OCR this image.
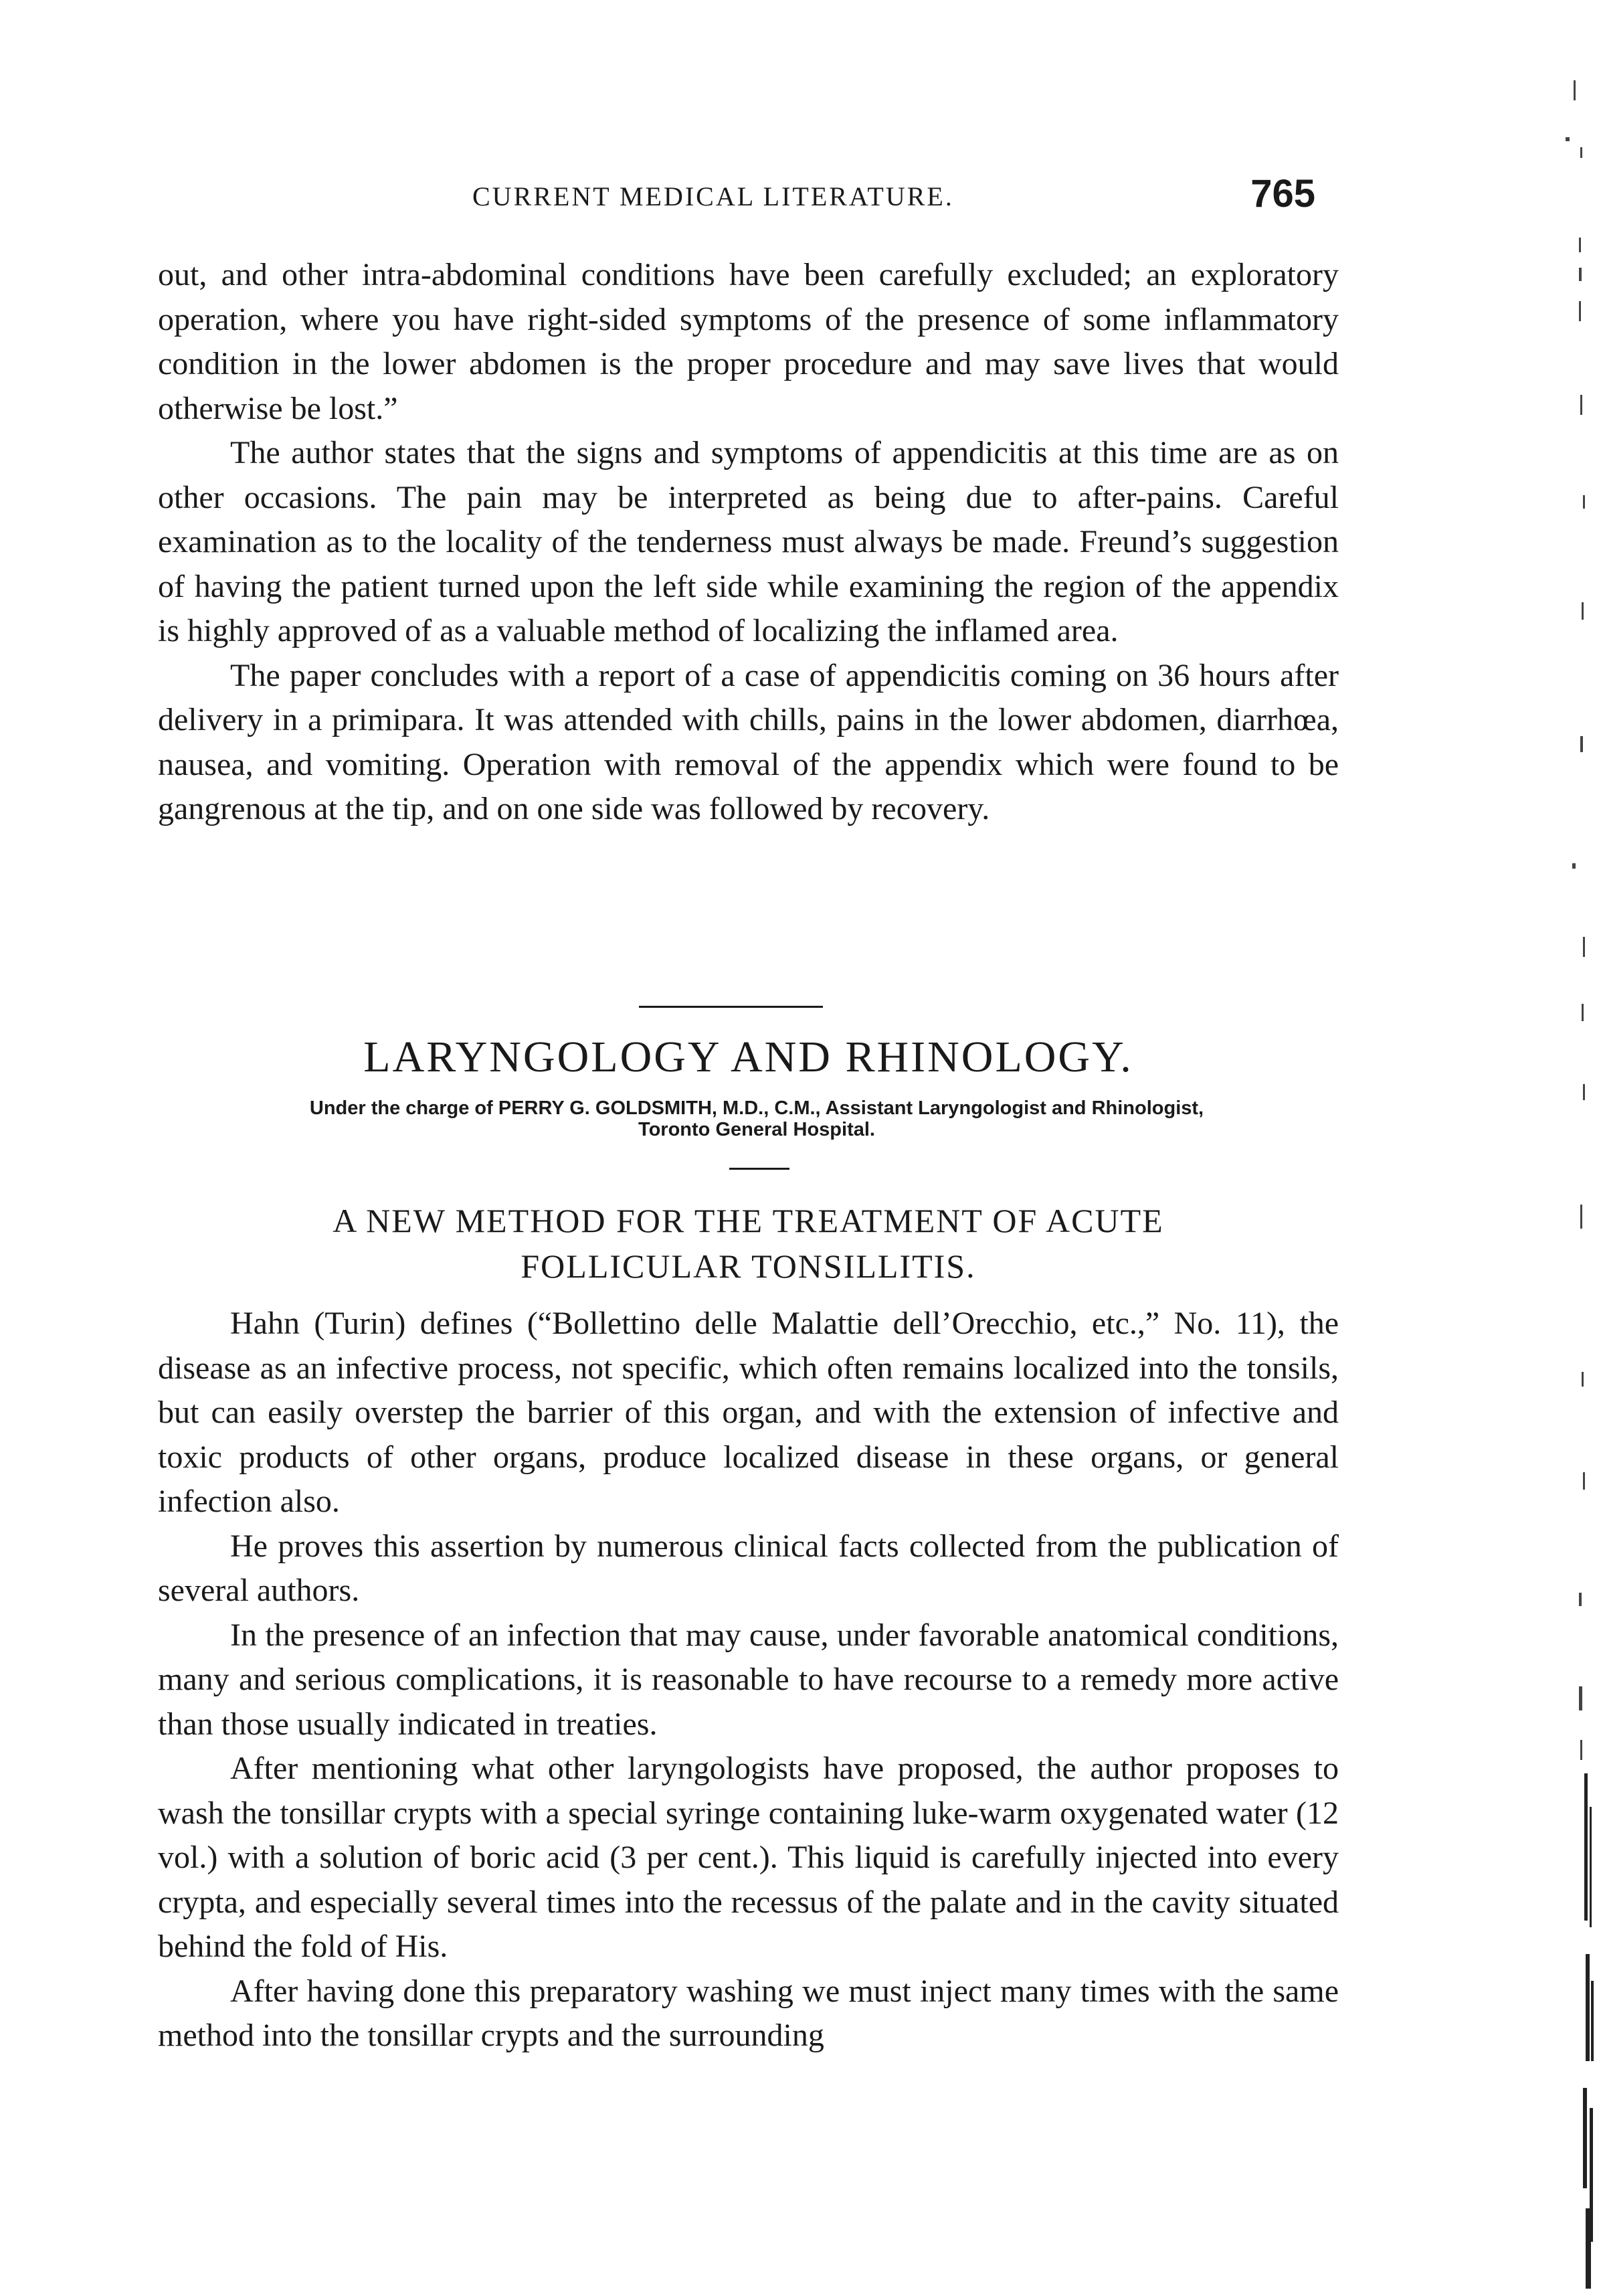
CURRENT MEDICAL LITERATURE.	765

out, and other intra-abdominal conditions have been carefully excluded; an exploratory operation, where you have right-sided symptoms of the presence of some inflammatory condition in the lower abdomen is the proper procedure and may save lives that would otherwise be lost.”

The author states that the signs and symptoms of appendicitis at this time are as on other occasions. The pain may be interpreted as being due to after-pains. Careful examination as to the locality of the tenderness must always be made. Freund’s suggestion of having the patient turned upon the left side while examining the region of the appendix is highly approved of as a valuable method of localizing the inflamed area.

The paper concludes with a report of a case of appendicitis coming on 36 hours after delivery in a primipara. It was attended with chills, pains in the lower abdomen, diarrhœa, nausea, and vomiting. Operation with removal of the appendix which were found to be gangrenous at the tip, and on one side was followed by recovery.

LARYNGOLOGY AND RHINOLOGY.
Under the charge of PERRY G. GOLDSMITH, M.D., C.M., Assistant Laryngologist and Rhinologist,
Toronto General Hospital.
A NEW METHOD FOR THE TREATMENT OF ACUTE
FOLLICULAR TONSILLITIS.

Hahn (Turin) defines (“Bollettino delle Malattie dell’Orecchio, etc.,” No. 11), the disease as an infective process, not specific, which often remains localized into the tonsils, but can easily overstep the barrier of this organ, and with the extension of infective and toxic products of other organs, produce localized disease in these organs, or general infection also.

He proves this assertion by numerous clinical facts collected from the publication of several authors.

In the presence of an infection that may cause, under favorable anatomical conditions, many and serious complications, it is reasonable to have recourse to a remedy more active than those usually indicated in treaties.

After mentioning what other laryngologists have proposed, the author proposes to wash the tonsillar crypts with a special syringe containing luke-warm oxygenated water (12 vol.) with a solution of boric acid (3 per cent.). This liquid is carefully injected into every crypta, and especially several times into the recessus of the palate and in the cavity situated behind the fold of His.

After having done this preparatory washing we must inject many times with the same method into the tonsillar crypts and the surrounding
